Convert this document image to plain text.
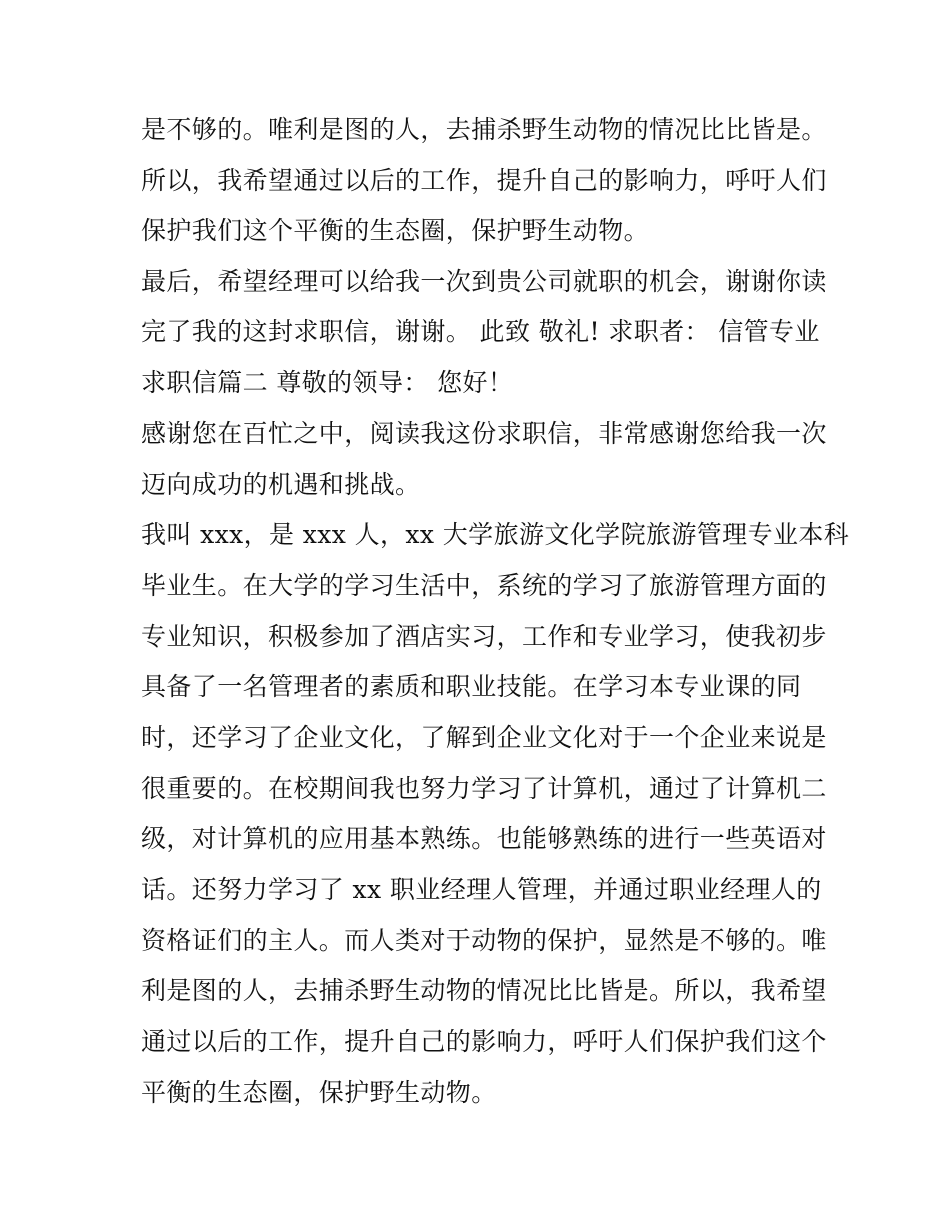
是不够的。唯利是图的人，去捕杀野生动物的情况比比皆是。
所以，我希望通过以后的工作，提升自己的影响力，呼吁人们
保护我们这个平衡的生态圈，保护野生动物。
最后，希望经理可以给我一次到贵公司就职的机会，谢谢你读
完了我的这封求职信，谢谢。 此致 敬礼! 求职者： 信管专业
求职信篇二 尊敬的领导： 您好！
感谢您在百忙之中，阅读我这份求职信，非常感谢您给我一次
迈向成功的机遇和挑战。
我叫 xxx，是 xxx 人，xx 大学旅游文化学院旅游管理专业本科
毕业生。在大学的学习生活中，系统的学习了旅游管理方面的
专业知识，积极参加了酒店实习，工作和专业学习，使我初步
具备了一名管理者的素质和职业技能。在学习本专业课的同
时，还学习了企业文化，了解到企业文化对于一个企业来说是
很重要的。在校期间我也努力学习了计算机，通过了计算机二
级，对计算机的应用基本熟练。也能够熟练的进行一些英语对
话。还努力学习了 xx 职业经理人管理，并通过职业经理人的
资格证们的主人。而人类对于动物的保护，显然是不够的。唯
利是图的人，去捕杀野生动物的情况比比皆是。所以，我希望
通过以后的工作，提升自己的影响力，呼吁人们保护我们这个
平衡的生态圈，保护野生动物。
